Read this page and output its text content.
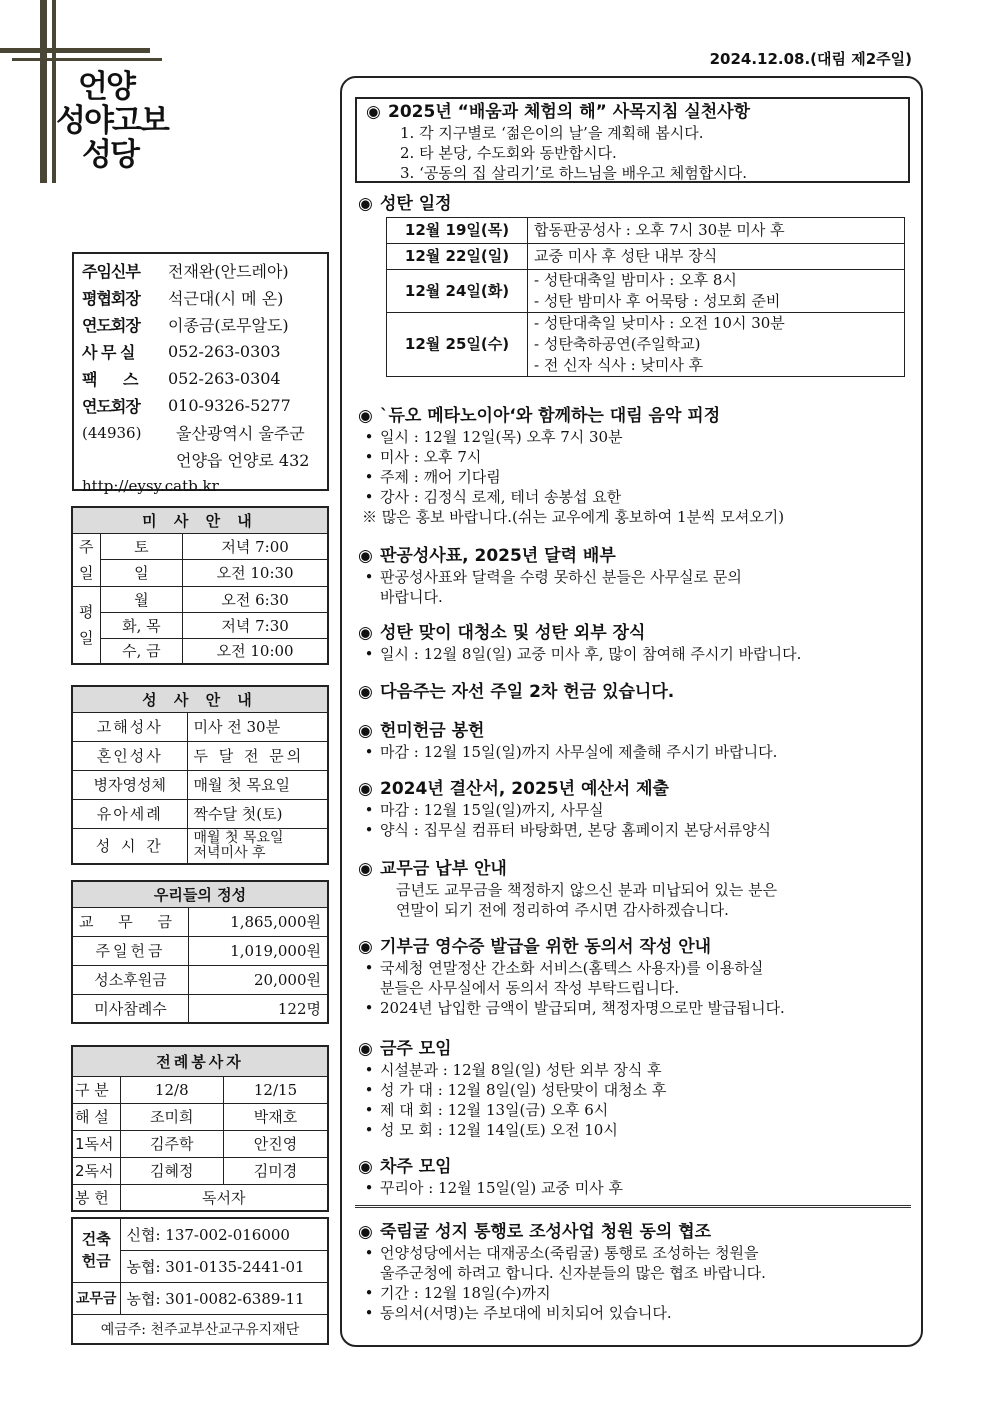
2024.12.08.(대림 제2주일)
언양
성야고보
성당
주임신부	전재완(안드레아)
평협회장	석근대(시 메 온)
연도회장	이종금(로무알도)
사 무 실	052-263-0303
팩 스	052-263-0304
연도회장	010-9326-5277
(44936)	울산광역시 울주군
	언양읍 언양로 432
http://eysy.catb.kr
미 사 안 내		
주일	토	저녁 7:00
	일	오전 10:30
평일	월	오전 6:30
	화, 목	저녁 7:30
	수, 금	오전 10:00
성 사 안 내	
고해성사	미사 전 30분
혼인성사	두 달 전 문의
병자영성체	매월 첫 목요일
유아세례	짝수달 첫(토)
성 시 간	매월 첫 목요일
저녁미사 후
우리들의 정성	
교 무 금	1,865,000원
주일헌금	1,019,000원
성소후원금	20,000원
미사참례수	122명
전례봉사자		
구 분	12/8	12/15
해 설	조미희	박재호
1독서	김주학	안진영
2독서	김혜정	김미경
봉 헌	독서자	
건축헌금	신협: 137-002-016000
	농협: 301-0135-2441-01
교무금	농협: 301-0082-6389-11
예금주: 천주교부산교구유지재단	
◉ 2025년 “배움과 체험의 해” 사목지침 실천사항
1. 각 지구별로 ‘젊은이의 날’을 계획해 봅시다.
2. 타 본당, 수도회와 동반합시다.
3. ‘공동의 집 살리기’로 하느님을 배우고 체험합시다.
◉ 성탄 일정
12월 19일(목)	합동판공성사 : 오후 7시 30분 미사 후
12월 22일(일)	교중 미사 후 성탄 내부 장식
12월 24일(화)	- 성탄대축일 밤미사 : 오후 8시
- 성탄 밤미사 후 어묵탕 : 성모회 준비

12월 25일(수)	- 성탄대축일 낮미사 : 오전 10시 30분
- 성탄축하공연(주일학교)
- 전 신자 식사 : 낮미사 후
◉ `듀오 메타노이아‘와 함께하는 대림 음악 피정
• 일시 : 12월 12일(목) 오후 7시 30분
• 미사 : 오후 7시
• 주제 : 깨어 기다림
• 강사 : 김정식 로제, 테너 송봉섭 요한
※ 많은 홍보 바랍니다.(쉬는 교우에게 홍보하여 1분씩 모셔오기)
◉ 판공성사표, 2025년 달력 배부
• 판공성사표와 달력을 수령 못하신 분들은 사무실로 문의
바랍니다.
◉ 성탄 맞이 대청소 및 성탄 외부 장식
• 일시 : 12월 8일(일) 교중 미사 후, 많이 참여해 주시기 바랍니다.
◉ 다음주는 자선 주일 2차 헌금 있습니다.
◉ 헌미헌금 봉헌
• 마감 : 12월 15일(일)까지 사무실에 제출해 주시기 바랍니다.
◉ 2024년 결산서, 2025년 예산서 제출
• 마감 : 12월 15일(일)까지, 사무실
• 양식 : 집무실 컴퓨터 바탕화면, 본당 홈페이지 본당서류양식
◉ 교무금 납부 안내
금년도 교무금을 책정하지 않으신 분과 미납되어 있는 분은
연말이 되기 전에 정리하여 주시면 감사하겠습니다.
◉ 기부금 영수증 발급을 위한 동의서 작성 안내
• 국세청 연말정산 간소화 서비스(홈텍스 사용자)를 이용하실
분들은 사무실에서 동의서 작성 부탁드립니다.
• 2024년 납입한 금액이 발급되며, 책정자명으로만 발급됩니다.
◉ 금주 모임
• 시설분과 : 12월 8일(일) 성탄 외부 장식 후
• 성 가 대 : 12월 8일(일) 성탄맞이 대청소 후
• 제 대 회 : 12월 13일(금) 오후 6시
• 성 모 회 : 12월 14일(토) 오전 10시
◉ 차주 모임
• 꾸리아 : 12월 15일(일) 교중 미사 후
◉ 죽림굴 성지 통행로 조성사업 청원 동의 협조
• 언양성당에서는 대재공소(죽림굴) 통행로 조성하는 청원을
울주군청에 하려고 합니다. 신자분들의 많은 협조 바랍니다.
• 기간 : 12월 18일(수)까지
• 동의서(서명)는 주보대에 비치되어 있습니다.
